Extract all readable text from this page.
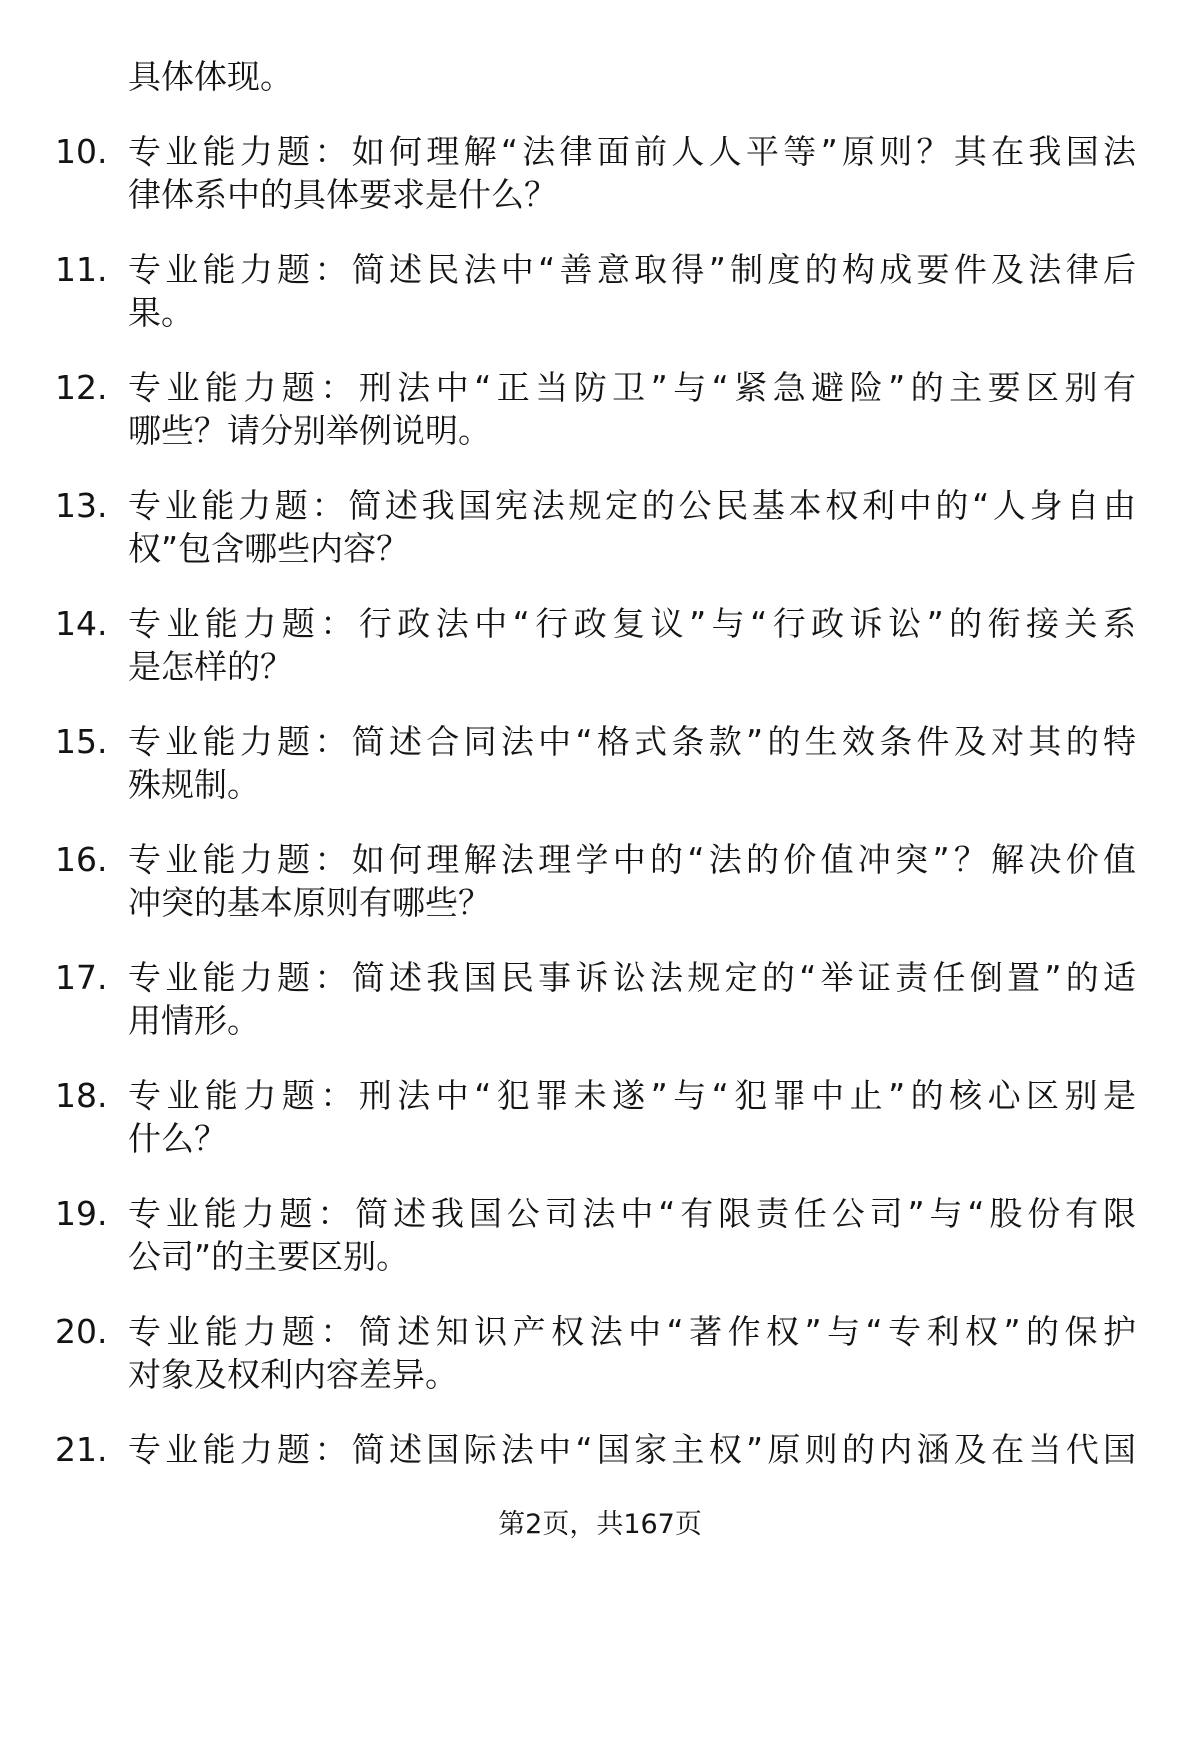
具体体现。
10. 专业能力题：如何理解“法律面前人人平等”原则？其在我国法
律体系中的具体要求是什么？
11. 专业能力题：简述民法中“善意取得”制度的构成要件及法律后
果。
12. 专业能力题：刑法中“正当防卫”与“紧急避险”的主要区别有
哪些？请分别举例说明。
13. 专业能力题：简述我国宪法规定的公民基本权利中的“人身自由
权”包含哪些内容？
14. 专业能力题：行政法中“行政复议”与“行政诉讼”的衔接关系
是怎样的？
15. 专业能力题：简述合同法中“格式条款”的生效条件及对其的特
殊规制。
16. 专业能力题：如何理解法理学中的“法的价值冲突”？解决价值
冲突的基本原则有哪些？
17. 专业能力题：简述我国民事诉讼法规定的“举证责任倒置”的适
用情形。
18. 专业能力题：刑法中“犯罪未遂”与“犯罪中止”的核心区别是
什么？
19. 专业能力题：简述我国公司法中“有限责任公司”与“股份有限
公司”的主要区别。
20. 专业能力题：简述知识产权法中“著作权”与“专利权”的保护
对象及权利内容差异。
21. 专业能力题：简述国际法中“国家主权”原则的内涵及在当代国
第2页，共167页
